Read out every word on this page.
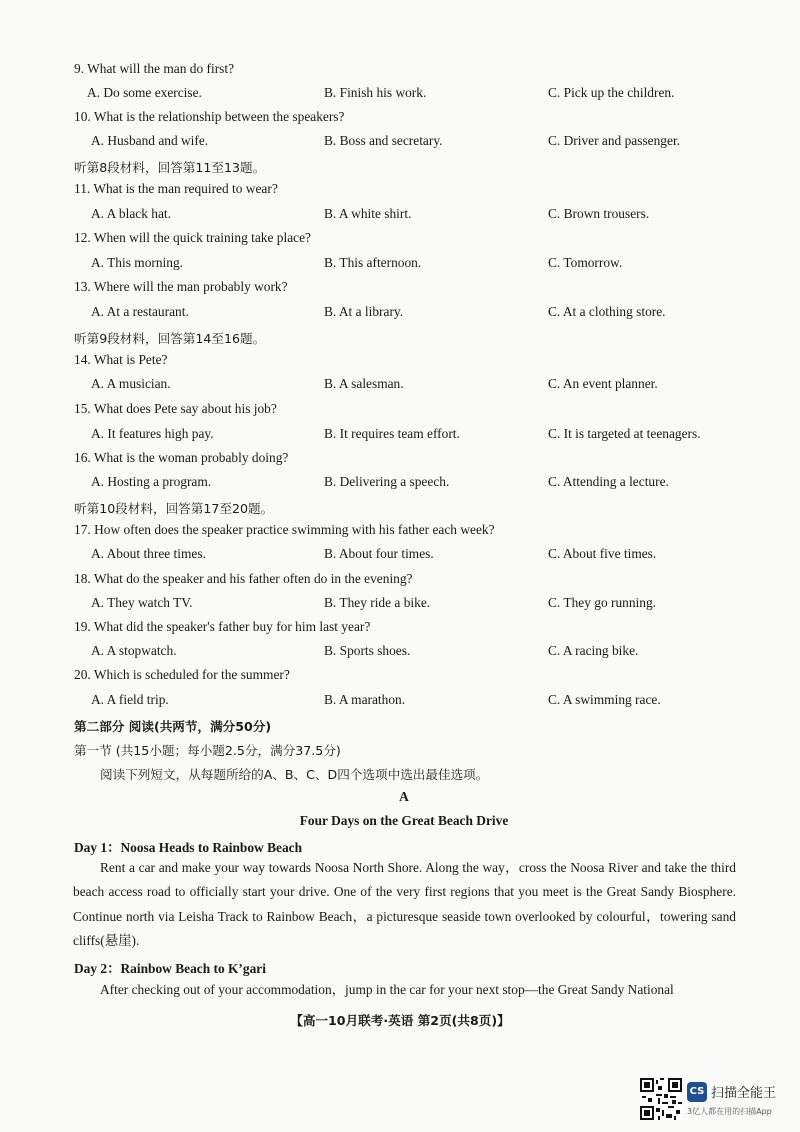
9. What will the man do first?
A. Do some exercise.	B. Finish his work.	C. Pick up the children.
10. What is the relationship between the speakers?
A. Husband and wife.	B. Boss and secretary.	C. Driver and passenger.
听第8段材料，回答第11至13题。
11. What is the man required to wear?
A. A black hat.	B. A white shirt.	C. Brown trousers.
12. When will the quick training take place?
A. This morning.	B. This afternoon.	C. Tomorrow.
13. Where will the man probably work?
A. At a restaurant.	B. At a library.	C. At a clothing store.
听第9段材料，回答第14至16题。
14. What is Pete?
A. A musician.	B. A salesman.	C. An event planner.
15. What does Pete say about his job?
A. It features high pay.	B. It requires team effort.	C. It is targeted at teenagers.
16. What is the woman probably doing?
A. Hosting a program.	B. Delivering a speech.	C. Attending a lecture.
听第10段材料，回答第17至20题。
17. How often does the speaker practice swimming with his father each week?
A. About three times.	B. About four times.	C. About five times.
18. What do the speaker and his father often do in the evening?
A. They watch TV.	B. They ride a bike.	C. They go running.
19. What did the speaker's father buy for him last year?
A. A stopwatch.	B. Sports shoes.	C. A racing bike.
20. Which is scheduled for the summer?
A. A field trip.	B. A marathon.	C. A swimming race.
第二部分 阅读(共两节，满分50分)
第一节 (共15小题；每小题2.5分，满分37.5分)
阅读下列短文，从每题所给的A、B、C、D四个选项中选出最佳选项。
A
Four Days on the Great Beach Drive
Day 1：Noosa Heads to Rainbow Beach
Rent a car and make your way towards Noosa North Shore. Along the way，cross the Noosa River and take the third beach access road to officially start your drive. One of the very first regions that you meet is the Great Sandy Biosphere. Continue north via Leisha Track to Rainbow Beach，a picturesque seaside town overlooked by colourful，towering sand cliffs(悬崖).
Day 2：Rainbow Beach to K’gari
After checking out of your accommodation，jump in the car for your next stop—the Great Sandy National
【高一10月联考·英语 第2页(共8页)】
CS 扫描全能王
3亿人都在用的扫描App
